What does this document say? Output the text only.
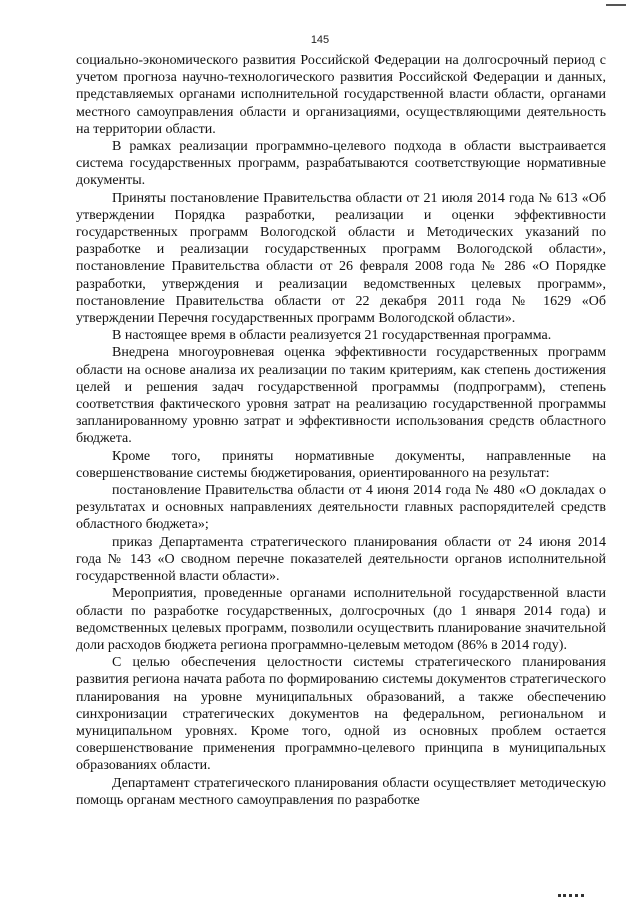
145

социально-экономического развития Российской Федерации на долгосрочный период с учетом прогноза научно-технологического развития Российской Федерации и данных, представляемых органами исполнительной государственной власти области, органами местного самоуправления области и организациями, осуществляющими деятельность на территории области.

В рамках реализации программно-целевого подхода в области выстраивается система государственных программ, разрабатываются соответствующие нормативные документы.

Приняты постановление Правительства области от 21 июля 2014 года № 613 «Об утверждении Порядка разработки, реализации и оценки эффективности государственных программ Вологодской области и Методических указаний по разработке и реализации государственных программ Вологодской области», постановление Правительства области от 26 февраля 2008 года № 286 «О Порядке разработки, утверждения и реализации ведомственных целевых программ», постановление Правительства области от 22 декабря 2011 года № 1629 «Об утверждении Перечня государственных программ Вологодской области».

В настоящее время в области реализуется 21 государственная программа.

Внедрена многоуровневая оценка эффективности государственных программ области на основе анализа их реализации по таким критериям, как степень достижения целей и решения задач государственной программы (подпрограмм), степень соответствия фактического уровня затрат на реализацию государственной программы запланированному уровню затрат и эффективности использования средств областного бюджета.

Кроме того, приняты нормативные документы, направленные на совершенствование системы бюджетирования, ориентированного на результат:

постановление Правительства области от 4 июня 2014 года № 480 «О докладах о результатах и основных направлениях деятельности главных распорядителей средств областного бюджета»;

приказ Департамента стратегического планирования области от 24 июня 2014 года № 143 «О сводном перечне показателей деятельности органов исполнительной государственной власти области».

Мероприятия, проведенные органами исполнительной государственной власти области по разработке государственных, долгосрочных (до 1 января 2014 года) и ведомственных целевых программ, позволили осуществить планирование значительной доли расходов бюджета региона программно-целевым методом (86% в 2014 году).

С целью обеспечения целостности системы стратегического планирования развития региона начата работа по формированию системы документов стратегического планирования на уровне муниципальных образований, а также обеспечению синхронизации стратегических документов на федеральном, региональном и муниципальном уровнях. Кроме того, одной из основных проблем остается совершенствование применения программно-целевого принципа в муниципальных образованиях области.

Департамент стратегического планирования области осуществляет методическую помощь органам местного самоуправления по разработке
